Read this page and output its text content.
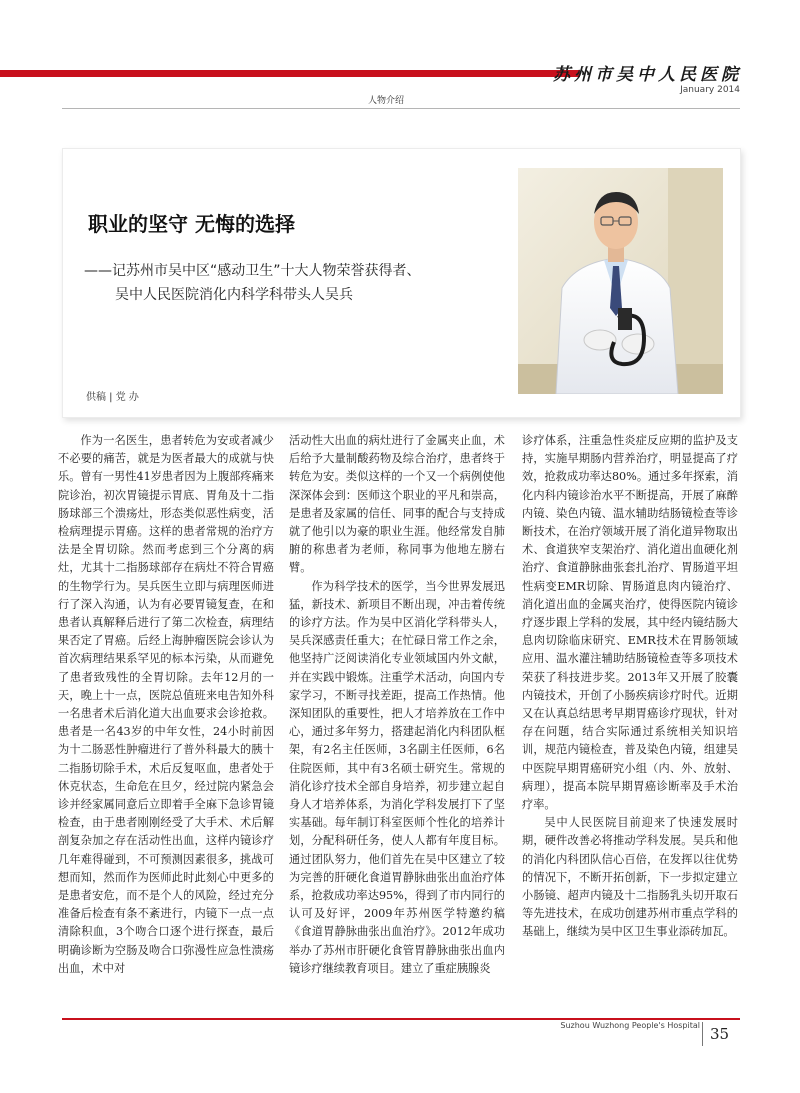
苏州市吴中人民医院
January 2014
人物介绍
职业的坚守 无悔的选择
——记苏州市吴中区“感动卫生”十大人物荣誉获得者、
吴中人民医院消化内科学科带头人吴兵
供稿 | 党 办

作为一名医生，患者转危为安或者减少不必要的痛苦，就是为医者最大的成就与快乐。曾有一男性41岁患者因为上腹部疼痛来院诊治，初次胃镜提示胃底、胃角及十二指肠球部三个溃疡灶，形态类似恶性病变，活检病理提示胃癌。这样的患者常规的治疗方法是全胃切除。然而考虑到三个分离的病灶，尤其十二指肠球部存在病灶不符合胃癌的生物学行为。吴兵医生立即与病理医师进行了深入沟通，认为有必要胃镜复查，在和患者认真解释后进行了第二次检查，病理结果否定了胃癌。后经上海肿瘤医院会诊认为首次病理结果系罕见的标本污染，从而避免了患者致残性的全胃切除。去年12月的一天，晚上十一点，医院总值班来电告知外科一名患者术后消化道大出血要求会诊抢救。患者是一名43岁的中年女性，24小时前因为十二肠恶性肿瘤进行了普外科最大的胰十二指肠切除手术，术后反复呕血，患者处于休克状态，生命危在旦夕，经过院内紧急会诊并经家属同意后立即着手全麻下急诊胃镜检查，由于患者刚刚经受了大手术、术后解剖复杂加之存在活动性出血，这样内镜诊疗几年难得碰到，不可预测因素很多，挑战可想而知，然而作为医师此时此刻心中更多的是患者安危，而不是个人的风险，经过充分准备后检查有条不紊进行，内镜下一点一点清除积血，3个吻合口逐个进行探查，最后明确诊断为空肠及吻合口弥漫性应急性溃疡出血，术中对

活动性大出血的病灶进行了金属夹止血，术后给予大量制酸药物及综合治疗，患者终于转危为安。类似这样的一个又一个病例使他深深体会到：医师这个职业的平凡和崇高，是患者及家属的信任、同事的配合与支持成就了他引以为豪的职业生涯。他经常发自肺腑的称患者为老师，称同事为他地左膀右臂。

作为科学技术的医学，当今世界发展迅猛，新技术、新项目不断出现，冲击着传统的诊疗方法。作为吴中区消化学科带头人，吴兵深感责任重大；在忙碌日常工作之余，他坚持广泛阅读消化专业领域国内外文献，并在实践中锻炼。注重学术活动，向国内专家学习，不断寻找差距，提高工作热情。他深知团队的重要性，把人才培养放在工作中心，通过多年努力，搭建起消化内科团队框架，有2名主任医师，3名副主任医师，6名住院医师，其中有3名硕士研究生。常规的消化诊疗技术全部自身培养，初步建立起自身人才培养体系，为消化学科发展打下了坚实基础。每年制订科室医师个性化的培养计划，分配科研任务，使人人都有年度目标。通过团队努力，他们首先在吴中区建立了较为完善的肝硬化食道胃静脉曲张出血治疗体系，抢救成功率达95%，得到了市内同行的认可及好评，2009年苏州医学特邀约稿《食道胃静脉曲张出血治疗》。2012年成功举办了苏州市肝硬化食管胃静脉曲张出血内镜诊疗继续教育项目。建立了重症胰腺炎

诊疗体系，注重急性炎症反应期的监护及支持，实施早期肠内营养治疗，明显提高了疗效，抢救成功率达80%。通过多年探索，消化内科内镜诊治水平不断提高，开展了麻醉内镜、染色内镜、温水辅助结肠镜检查等诊断技术，在治疗领域开展了消化道异物取出术、食道狭窄支架治疗、消化道出血硬化剂治疗、食道静脉曲张套扎治疗、胃肠道平坦性病变EMR切除、胃肠道息肉内镜治疗、消化道出血的金属夹治疗，使得医院内镜诊疗逐步跟上学科的发展，其中经内镜结肠大息肉切除临床研究、EMR技术在胃肠领域应用、温水灌注辅助结肠镜检查等多项技术荣获了科技进步奖。2013年又开展了胶囊内镜技术，开创了小肠疾病诊疗时代。近期又在认真总结思考早期胃癌诊疗现状，针对存在问题，结合实际通过系统相关知识培训，规范内镜检查，普及染色内镜，组建吴中医院早期胃癌研究小组（内、外、放射、病理），提高本院早期胃癌诊断率及手术治疗率。

吴中人民医院目前迎来了快速发展时期，硬件改善必将推动学科发展。吴兵和他的消化内科团队信心百倍，在发挥以往优势的情况下，不断开拓创新，下一步拟定建立小肠镜、超声内镜及十二指肠乳头切开取石等先进技术，在成功创建苏州市重点学科的基础上，继续为吴中区卫生事业添砖加瓦。

Suzhou Wuzhong People's Hospital 35
